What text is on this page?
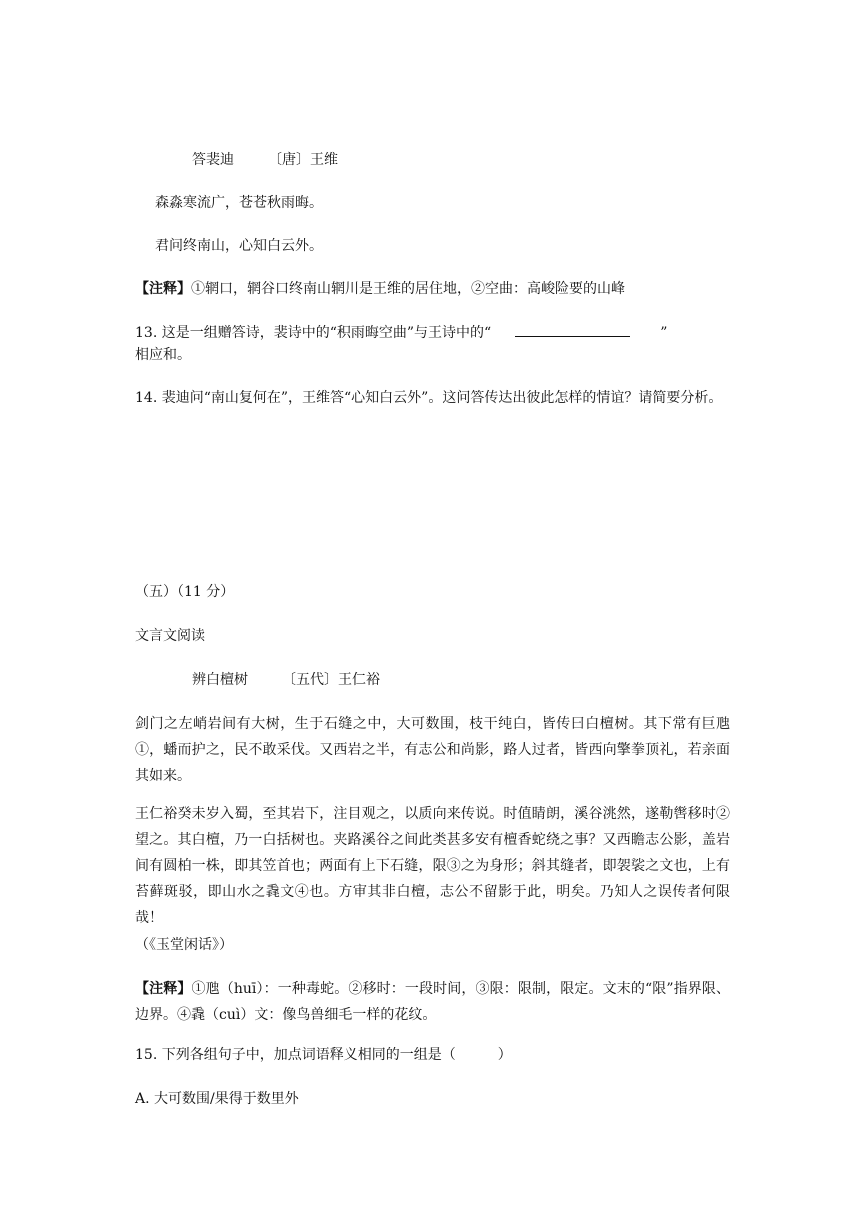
答裴迪 〔唐〕王维
森淼寒流广，苍苍秋雨晦。
君问终南山，心知白云外。
【注释】①辋口，辋谷口终南山辋川是王维的居住地，②空曲：高峻险要的山峰
13. 这是一组赠答诗，裴诗中的“积雨晦空曲”与王诗中的“	”
相应和。
14. 裴迪问“南山复何在”，王维答“心知白云外”。这问答传达出彼此怎样的情谊？请简要分析。
（五）（11 分）
文言文阅读
辨白檀树 〔五代〕王仁裕
剑门之左峭岩间有大树，生于石缝之中，大可数围，枝干纯白，皆传曰白檀树。其下常有巨虺①，蟠而护之，民不敢采伐。又西岩之半，有志公和尚影，路人过者，皆西向擎拳顶礼，若亲面其如来。
王仁裕癸未岁入蜀，至其岩下，注目观之，以质向来传说。时值睛朗，溪谷洮然，遂勒辔移时②望之。其白檀，乃一白括树也。夹路溪谷之间此类甚多安有檀香蛇绕之事？又西瞻志公影，盖岩间有圆柏一株，即其笠首也；两面有上下石缝，限③之为身形；斜其缝者，即袈裟之文也，上有苔藓斑驳，即山水之毳文④也。方审其非白檀，志公不留影于此，明矣。乃知人之误传者何限哉！
（《玉堂闲话》）
【注释】①虺（huī）：一种毒蛇。②移时：一段时间，③限：限制，限定。文末的“限”指界限、边界。④毳（cuì）文：像鸟兽细毛一样的花纹。
15. 下列各组句子中，加点词语释义相同的一组是（　　　）
A. 大可数围/果得于数里外
